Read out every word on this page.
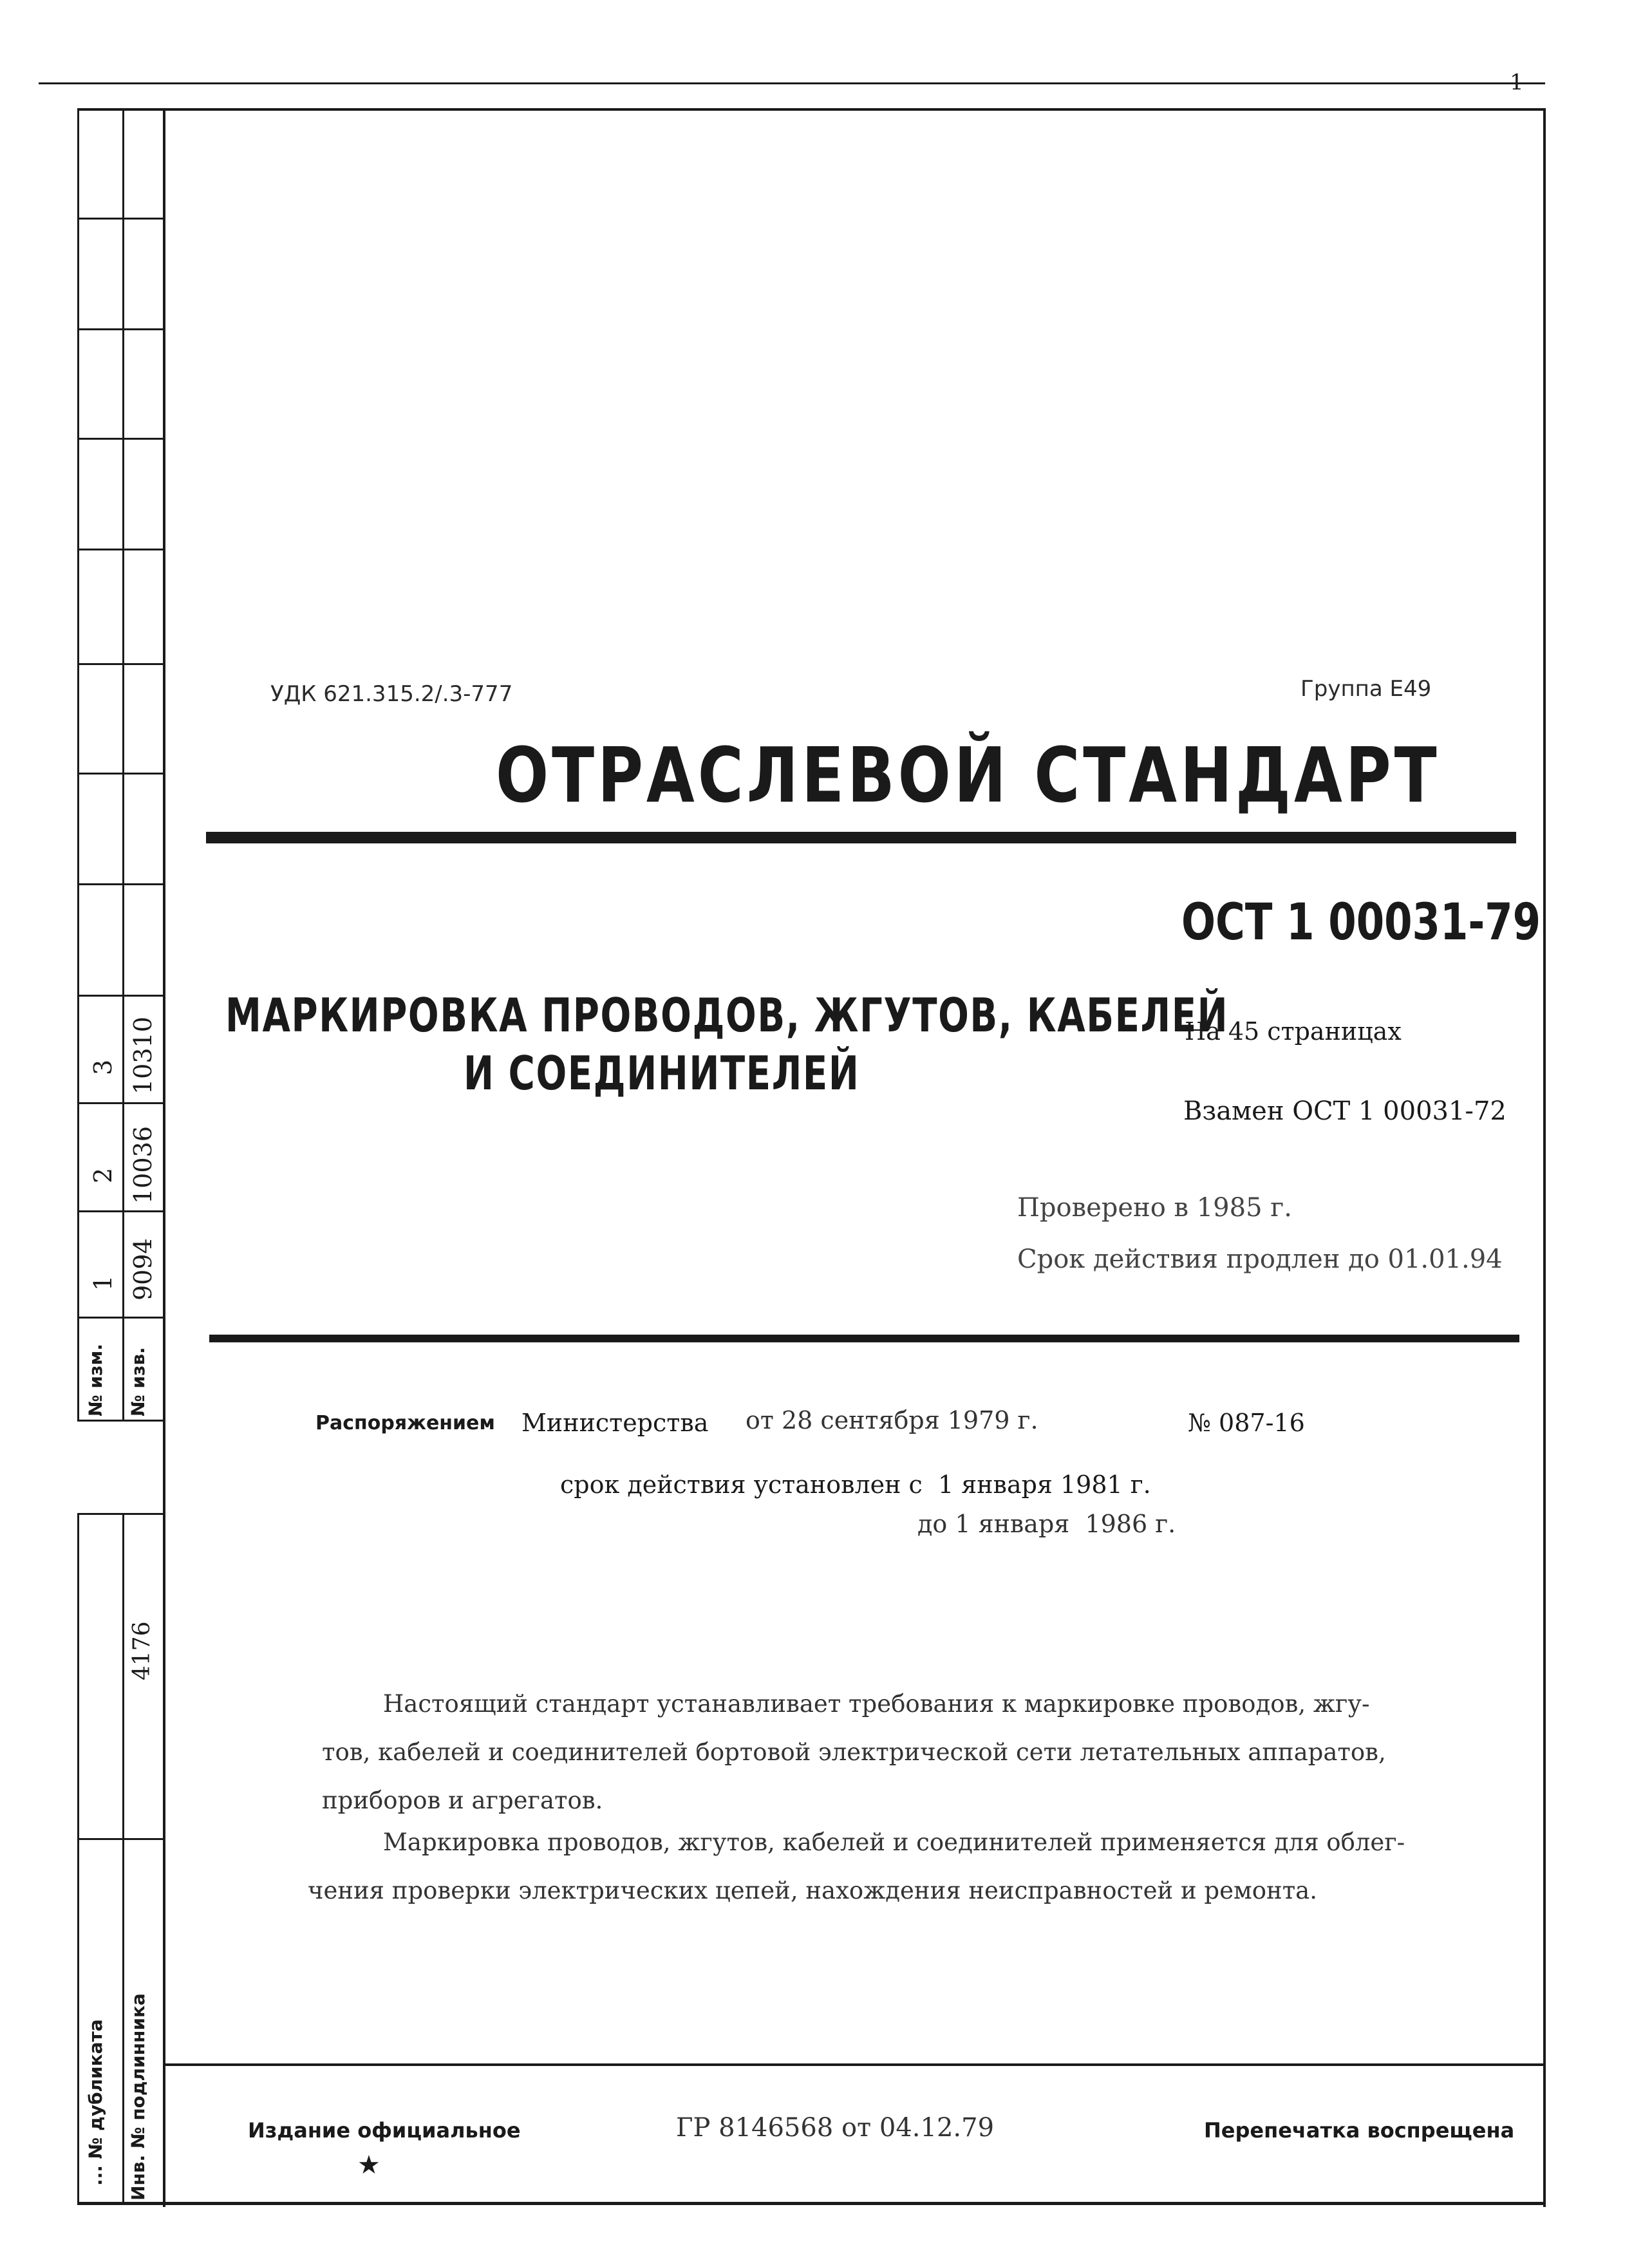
3 10310
2 10036
1 9094
№ изм. № изв.
4176
... № дубликата Инв. № подлинника
УДК 621.315.2/.3-777	Группа Е49
ОТРАСЛЕВОЙ СТАНДАРТ
ОСТ 1 00031-79
МАРКИРОВКА ПРОВОДОВ, ЖГУТОВ, КАБЕЛЕЙ
И СОЕДИНИТЕЛЕЙ
На 45 страницах
Взамен ОСТ 1 00031-72
Проверено в 1985 г.
Срок действия продлен до 01.01.94
Распоряжением Министерства от 28 сентября 1979 г.	№ 087-16
срок действия установлен с  1 января 1981 г.
до 1 января  1986 г.
Настоящий стандарт устанавливает требования к маркировке проводов, жгу-
тов, кабелей и соединителей бортовой электрической сети летательных аппаратов,
приборов и агрегатов.
Маркировка проводов, жгутов, кабелей и соединителей применяется для облег-
чения проверки электрических цепей, нахождения неисправностей и ремонта.
Издание официальное
★
ГР 8146568 от 04.12.79	Перепечатка воспрещена
